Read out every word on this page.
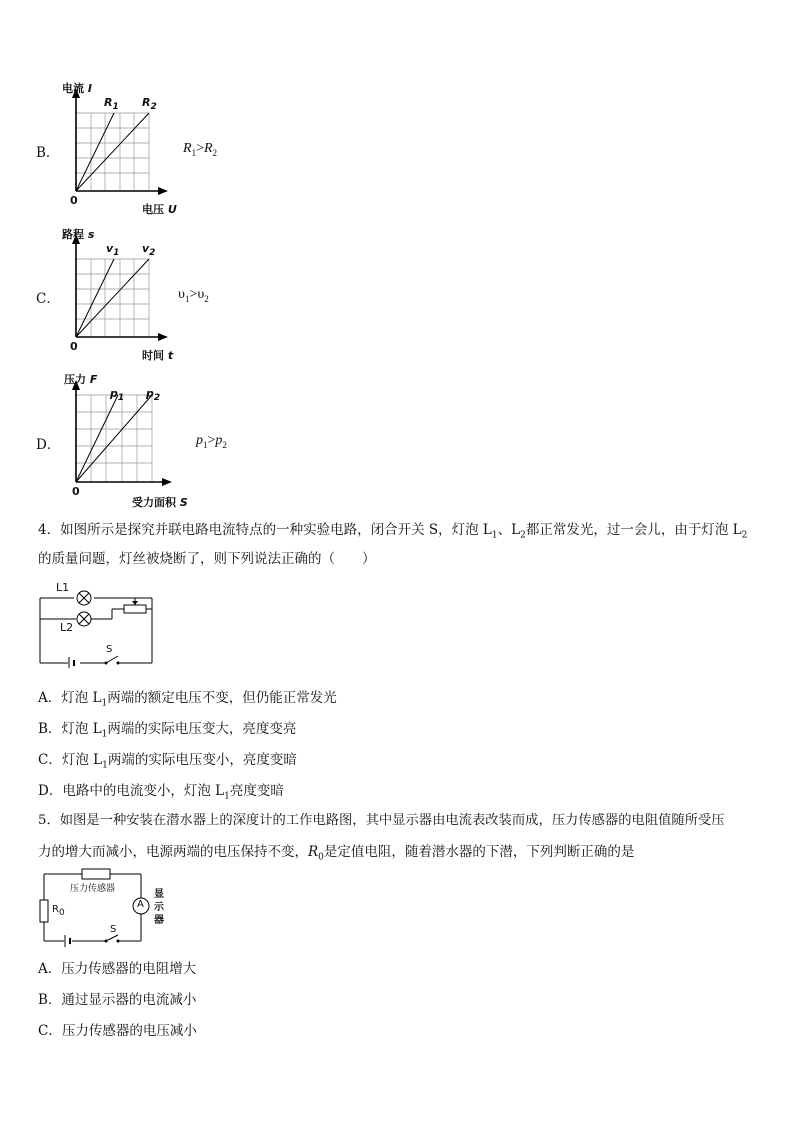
B．
电流 I
$R_1$ $R_2$
0
电压 U
$R_1>R_2$
C．
路程 s
$v_1$ $v_2$
0
时间 t
$\upsilon_1>\upsilon_2$
D．
压力 F
$p_1$ $p_2$
0
受力面积 S
$p_1>p_2$
4．如图所示是探究并联电路电流特点的一种实验电路，闭合开关 S，灯泡 $L_1$、$L_2$都正常发光，过一会儿，由于灯泡 $L_2$
的质量问题，灯丝被烧断了，则下列说法正确的（　　）
L1
L2
S
A．灯泡 $L_1$两端的额定电压不变，但仍能正常发光
B．灯泡 $L_1$两端的实际电压变大，亮度变亮
C．灯泡 $L_1$两端的实际电压变小，亮度变暗
D．电路中的电流变小，灯泡 $L_1$亮度变暗
5．如图是一种安装在潜水器上的深度计的工作电路图，其中显示器由电流表改装而成，压力传感器的电阻值随所受压
力的增大而减小，电源两端的电压保持不变，$R_0$是定值电阻，随着潜水器的下潜，下列判断正确的是
压力传感器
$R_0$
A
显
示
器
S
A．压力传感器的电阻增大
B．通过显示器的电流减小
C．压力传感器的电压减小
